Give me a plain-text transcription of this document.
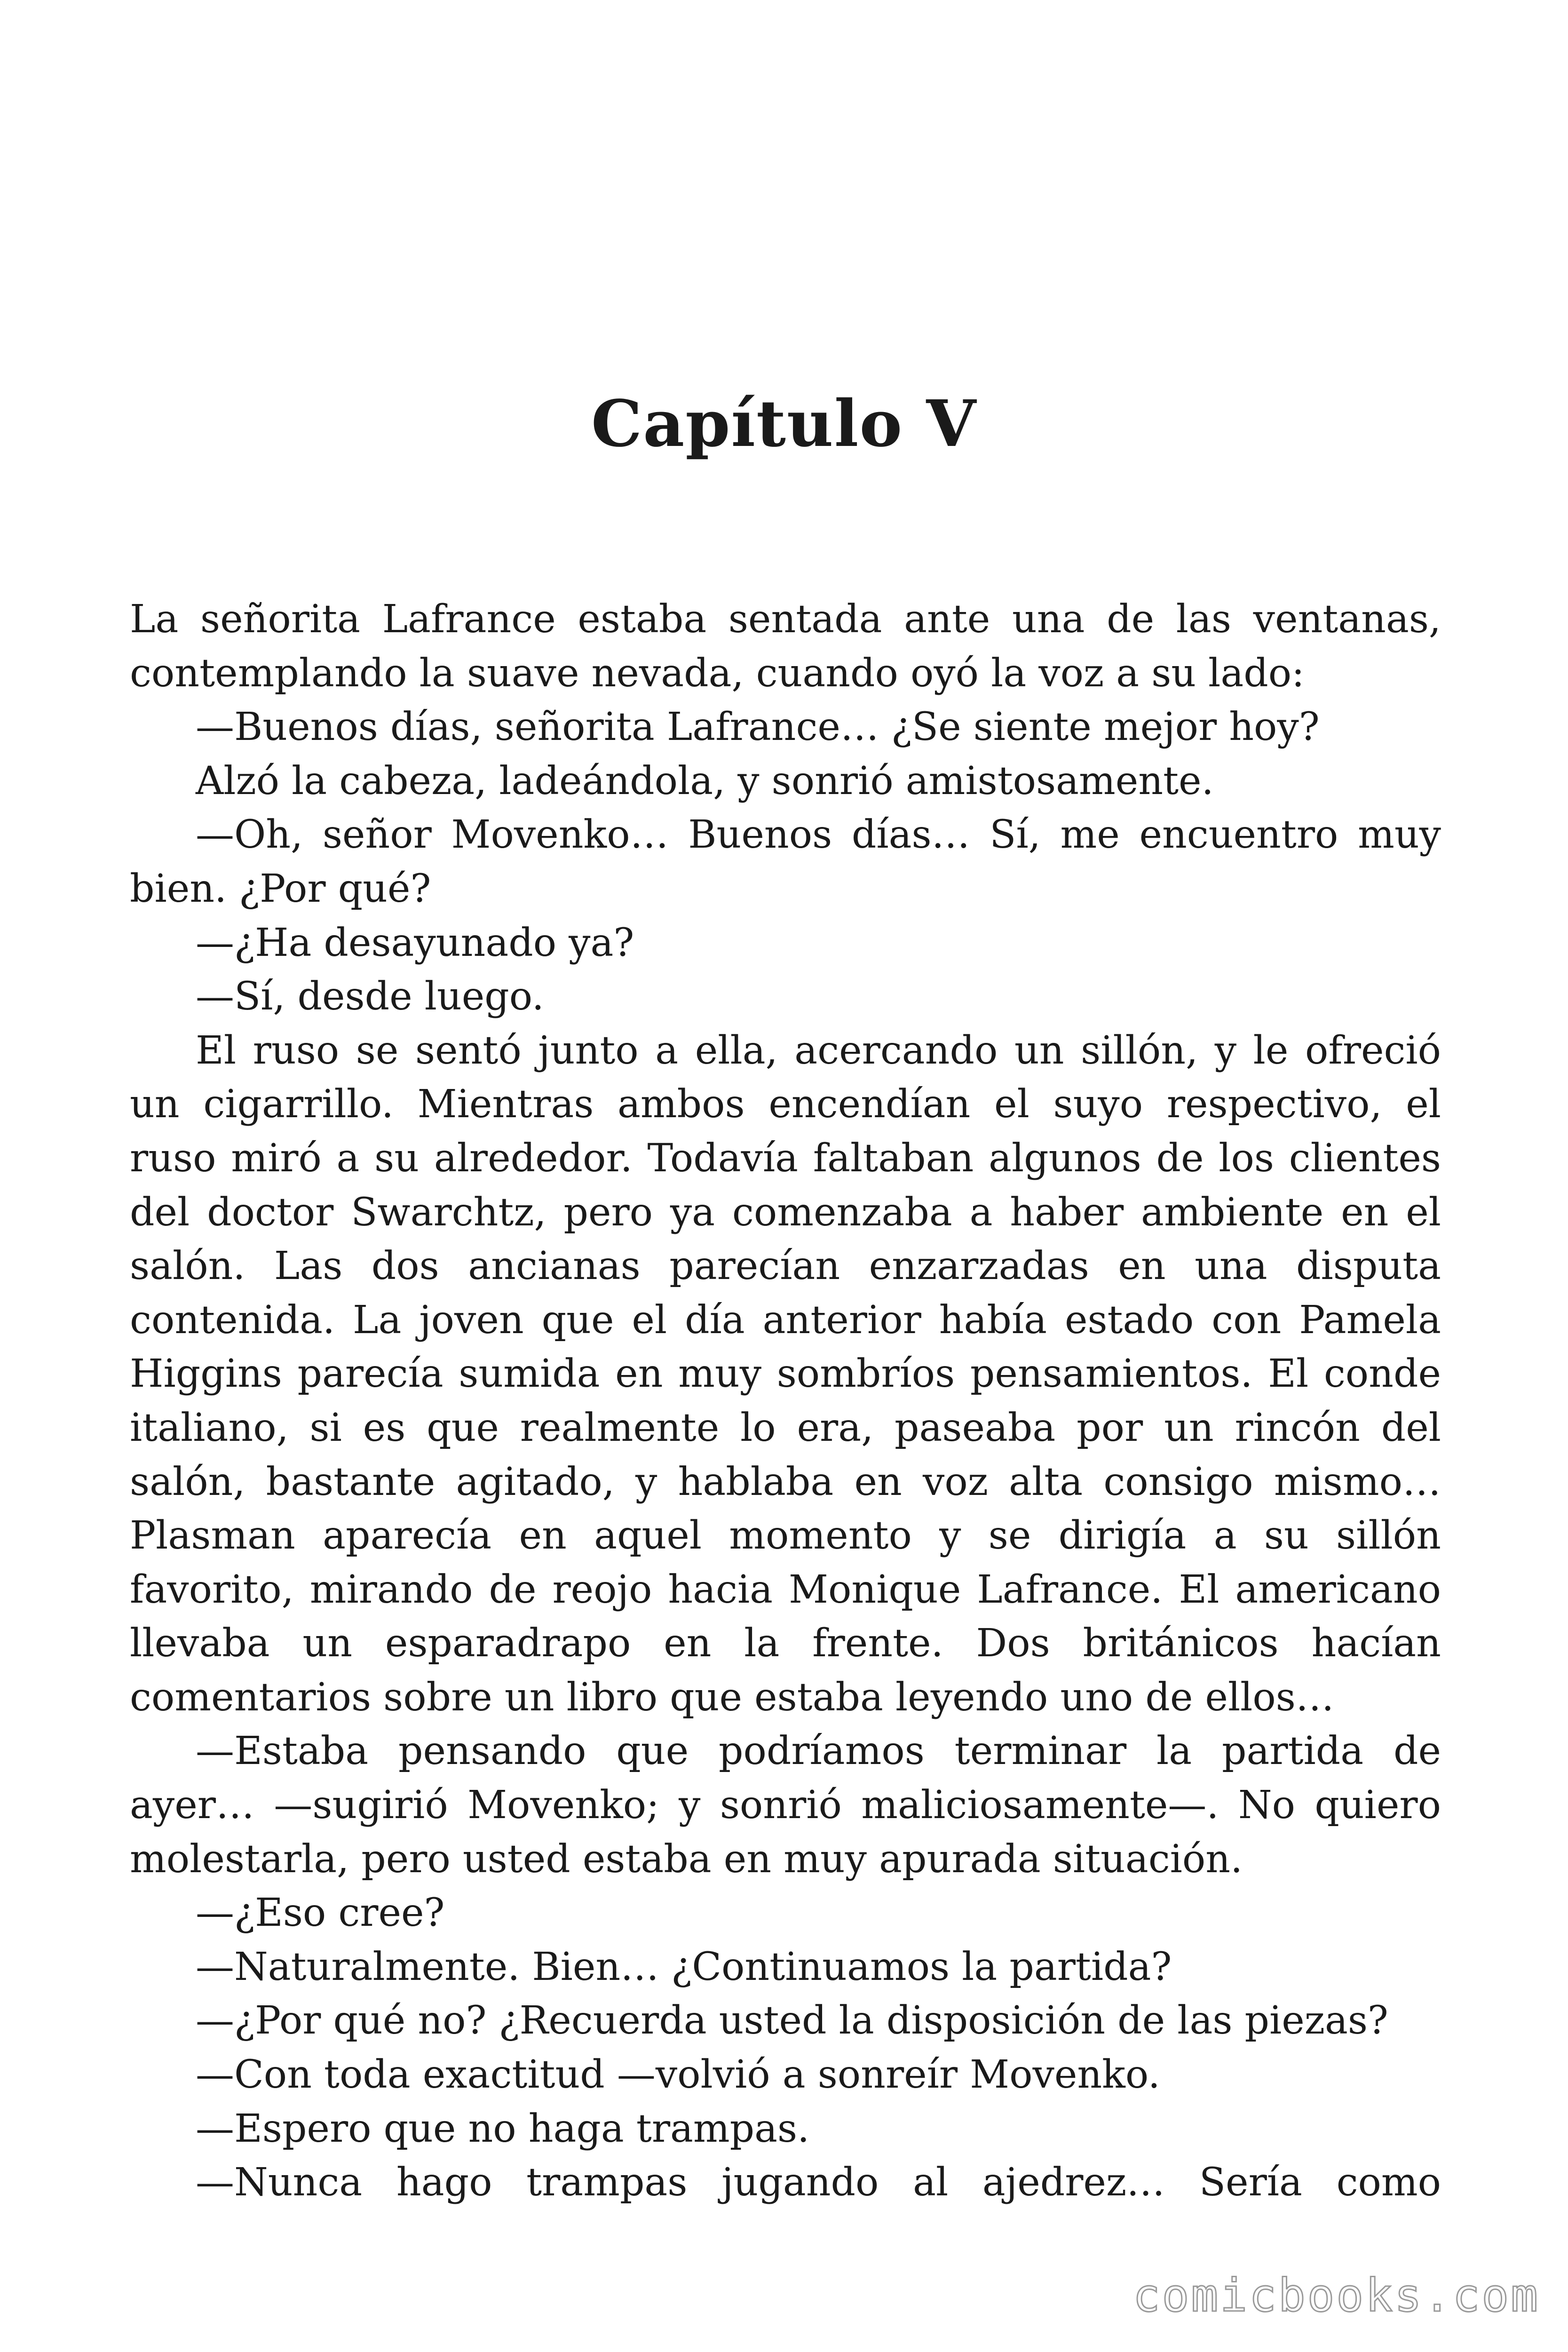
Capítulo V

La señorita Lafrance estaba sentada ante una de las ventanas, contemplando la suave nevada, cuando oyó la voz a su lado:

—Buenos días, señorita Lafrance… ¿Se siente mejor hoy?

Alzó la cabeza, ladeándola, y sonrió amistosamente.

—Oh, señor Movenko… Buenos días… Sí, me encuentro muy bien. ¿Por qué?

—¿Ha desayunado ya?

—Sí, desde luego.

El ruso se sentó junto a ella, acercando un sillón, y le ofreció un cigarrillo. Mientras ambos encendían el suyo respectivo, el ruso miró a su alrededor. Todavía faltaban algunos de los clientes del doctor Swarchtz, pero ya comenzaba a haber ambiente en el salón. Las dos ancianas parecían enzarzadas en una disputa contenida. La joven que el día anterior había estado con Pamela Higgins parecía sumida en muy sombríos pensamientos. El conde italiano, si es que realmente lo era, paseaba por un rincón del salón, bastante agitado, y hablaba en voz alta consigo mismo… Plasman aparecía en aquel momento y se dirigía a su sillón favorito, mirando de reojo hacia Monique Lafrance. El americano llevaba un esparadrapo en la frente. Dos británicos hacían comentarios sobre un libro que estaba leyendo uno de ellos…

—Estaba pensando que podríamos terminar la partida de ayer… —sugirió Movenko; y sonrió maliciosamente—. No quiero molestarla, pero usted estaba en muy apurada situación.

—¿Eso cree?

—Naturalmente. Bien… ¿Continuamos la partida?

—¿Por qué no? ¿Recuerda usted la disposición de las piezas?

—Con toda exactitud —volvió a sonreír Movenko.

—Espero que no haga trampas.

—Nunca hago trampas jugando al ajedrez… Sería como

comicbooks.com
